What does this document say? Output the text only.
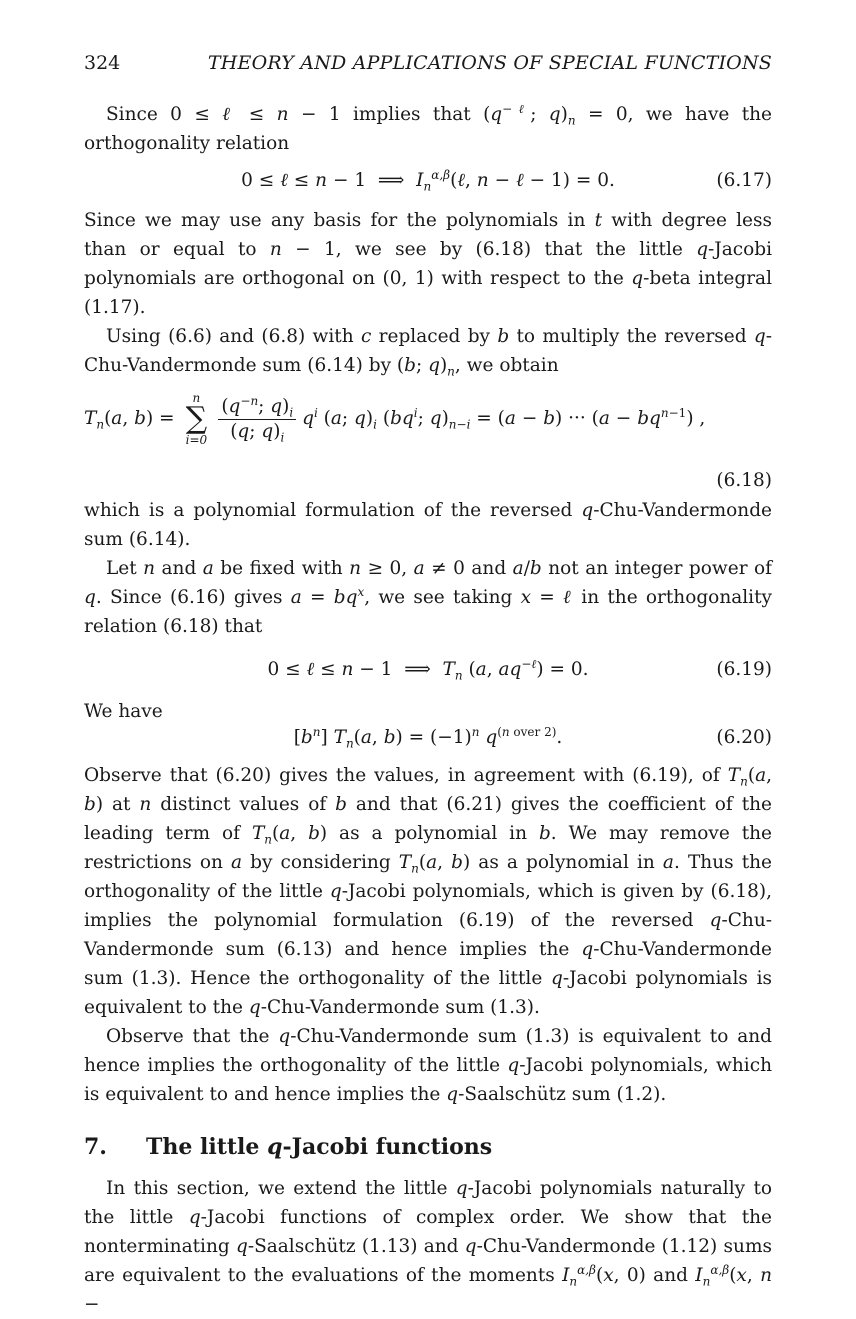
324	THEORY AND APPLICATIONS OF SPECIAL FUNCTIONS

Since 0 ≤ ℓ ≤ n − 1 implies that ($q^{-\ell}$; $q)_n = 0$, we have the orthogonality relation

0 ≤ ℓ ≤ n − 1  ⟹  $I_n^{\alpha,\beta}(\ell$, n − ℓ − 1) = 0.	(6.17)

Since we may use any basis for the polynomials in t with degree less than or equal to n − 1, we see by (6.18) that the little q-Jacobi polynomials are orthogonal on (0, 1) with respect to the q-beta integral (1.17).

Using (6.6) and (6.8) with c replaced by b to multiply the reversed q-Chu-Vandermonde sum (6.14) by (b; $q)_n$, we obtain

$T_n(a$, b) =
n
∑
i=0
$\frac{(q^{-n}; q)_i}{(q; q)_i} q^i$ (a; $q)_i$ ($bq^i$; $q)_{n-i} = (a - b)$ ··· $(a - bq^{n-1})$ ,
(6.18)

which is a polynomial formulation of the reversed q-Chu-Vandermonde sum (6.14).

Let n and a be fixed with n ≥ 0, a ≠ 0 and a/b not an integer power of q. Since (6.16) gives $a = bq^x$, we see taking x = ℓ in the orthogonality relation (6.18) that

0 ≤ ℓ ≤ n − 1  ⟹  $T_n$ (a, $aq^{-\ell}) = 0$.	(6.19)
We have
$[b^n]$ $T_n(a$, $b) = (-1)^n$ $q^{(n over 2)}$.	(6.20)

Observe that (6.20) gives the values, in agreement with (6.19), of $T_n(a$, b) at n distinct values of b and that (6.21) gives the coefficient of the leading term of $T_n(a$, b) as a polynomial in b. We may remove the restrictions on a by considering $T_n(a$, b) as a polynomial in a. Thus the orthogonality of the little q-Jacobi polynomials, which is given by (6.18), implies the polynomial formulation (6.19) of the reversed q-Chu-Vandermonde sum (6.13) and hence implies the q-Chu-Vandermonde sum (1.3). Hence the orthogonality of the little q-Jacobi polynomials is equivalent to the q-Chu-Vandermonde sum (1.3).

Observe that the q-Chu-Vandermonde sum (1.3) is equivalent to and hence implies the orthogonality of the little q-Jacobi polynomials, which is equivalent to and hence implies the q-Saalschütz sum (1.2).

7. The little q-Jacobi functions

In this section, we extend the little q-Jacobi polynomials naturally to the little q-Jacobi functions of complex order. We show that the nonterminating q-Saalschütz (1.13) and q-Chu-Vandermonde (1.12) sums are equivalent to the evaluations of the moments $I_n^{\alpha,\beta}(x$, 0) and $I_n^{\alpha,\beta}(x$, n −
